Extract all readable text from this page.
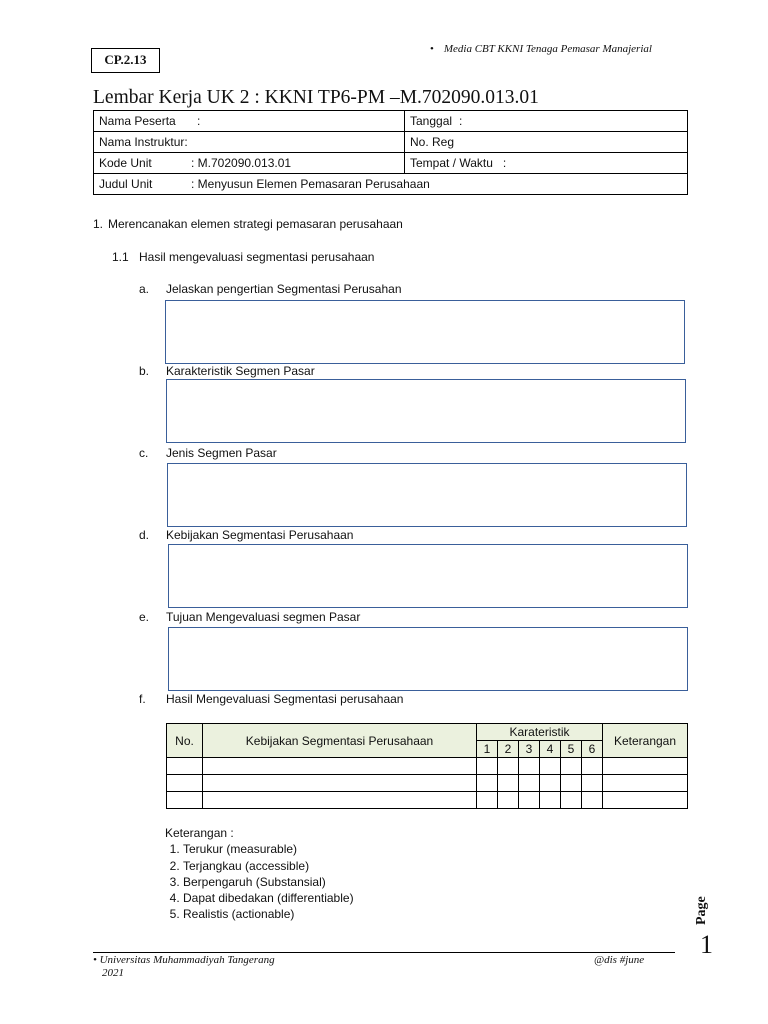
CP.2.13
• Media CBT KKNI Tenaga Pemasar Manajerial
Lembar Kerja UK 2 : KKNI TP6-PM –M.702090.013.01
Nama Peserta :	Tanggal :
Nama Instruktur:	No. Reg
Kode Unit : M.702090.013.01	Tempat / Waktu :
Judul Unit : Menyusun Elemen Pemasaran Perusahaan	
1. Merencanakan elemen strategi pemasaran perusahaan
1.1 Hasil mengevaluasi segmentasi perusahaan
a. Jelaskan pengertian Segmentasi Perusahan
b. Karakteristik Segmen Pasar
c. Jenis Segmen Pasar
d. Kebijakan Segmentasi Perusahaan
e. Tujuan Mengevaluasi segmen Pasar
f. Hasil Mengevaluasi Segmentasi perusahaan
No.	Kebijakan Segmentasi Perusahaan	Karateristik						Keterangan
		1	2	3	4	5	6	

Keterangan :
1. Terukur (measurable)
2. Terjangkau (accessible)
3. Berpengaruh (Substansial)
4. Dapat dibedakan (differentiable)
5. Realistis (actionable)	Page
1
• Universitas Muhammadiyah Tangerang
2021
@dis #june
